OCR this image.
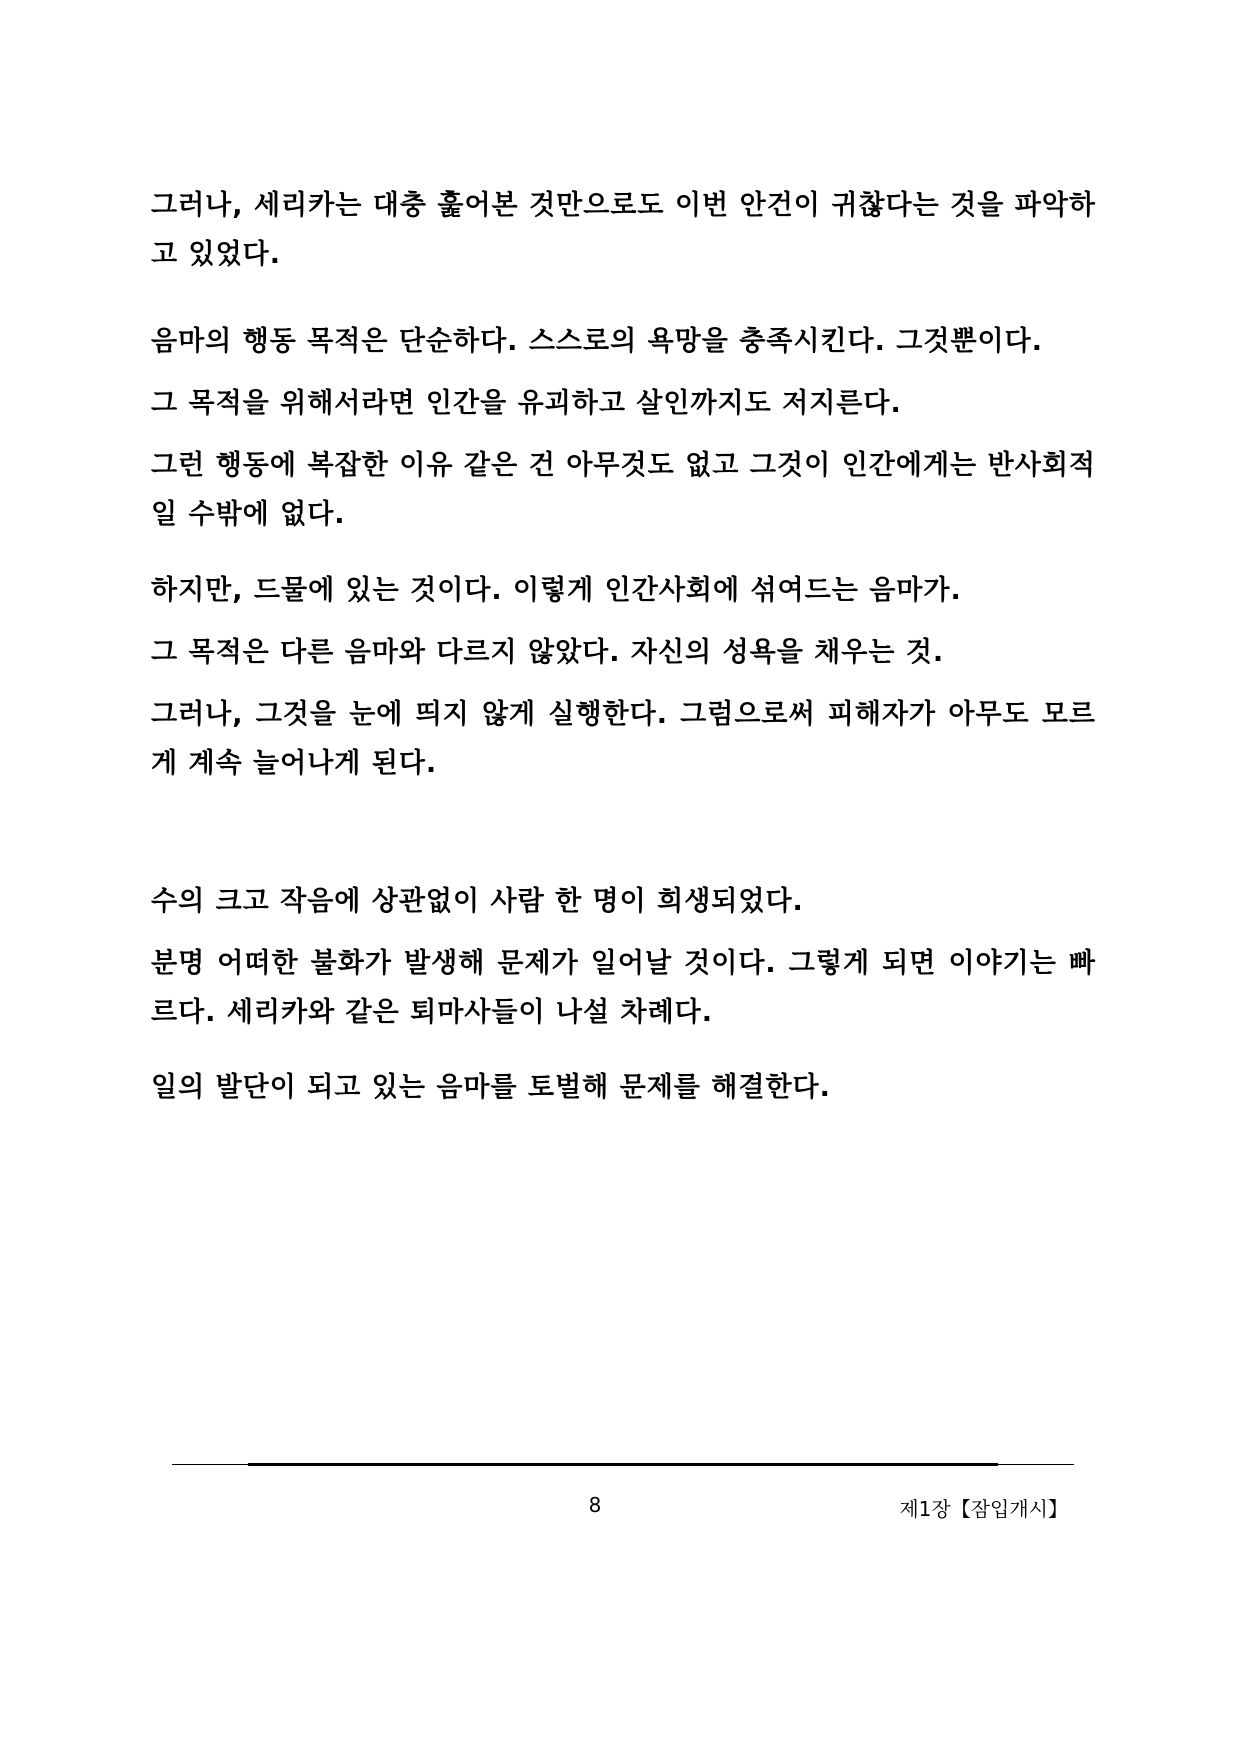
그러나, 세리카는 대충 훑어본 것만으로도 이번 안건이 귀찮다는 것을 파악하고 있었다.

음마의 행동 목적은 단순하다. 스스로의 욕망을 충족시킨다. 그것뿐이다.

그 목적을 위해서라면 인간을 유괴하고 살인까지도 저지른다.

그런 행동에 복잡한 이유 같은 건 아무것도 없고 그것이 인간에게는 반사회적일 수밖에 없다.

하지만, 드물에 있는 것이다. 이렇게 인간사회에 섞여드는 음마가.

그 목적은 다른 음마와 다르지 않았다. 자신의 성욕을 채우는 것.

그러나, 그것을 눈에 띄지 않게 실행한다. 그럼으로써 피해자가 아무도 모르게 계속 늘어나게 된다.

수의 크고 작음에 상관없이 사람 한 명이 희생되었다.

분명 어떠한 불화가 발생해 문제가 일어날 것이다. 그렇게 되면 이야기는 빠르다. 세리카와 같은 퇴마사들이 나설 차례다.

일의 발단이 되고 있는 음마를 토벌해 문제를 해결한다.

8	제1장【잠입개시】
